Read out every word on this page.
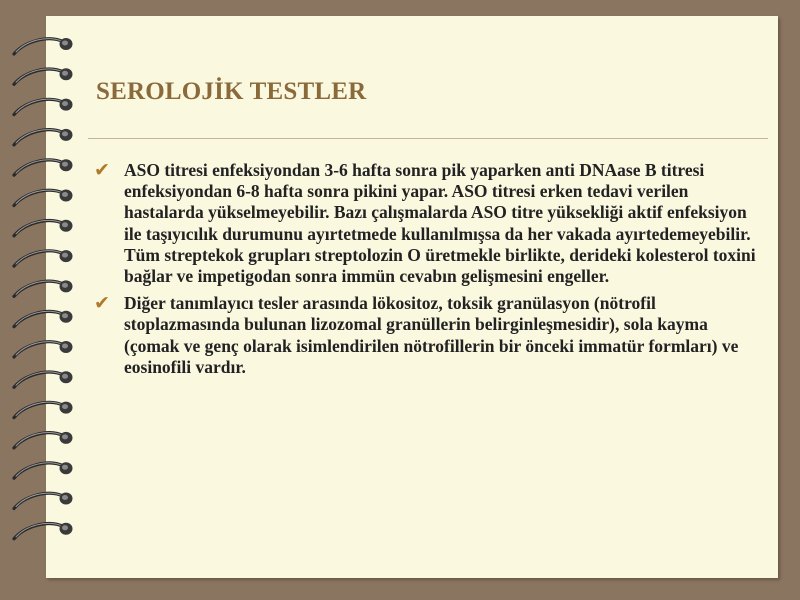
SEROLOJİK TESTLER
✔ ASO titresi enfeksiyondan 3-6 hafta sonra pik yaparken anti DNAase B titresi enfeksiyondan 6-8 hafta sonra pikini yapar. ASO titresi erken tedavi verilen hastalarda yükselmeyebilir. Bazı çalışmalarda ASO titre yüksekliği aktif enfeksiyon ile taşıyıcılık durumunu ayırtetmede kullanılmışsa da her vakada ayırtedemeyebilir. Tüm streptekok grupları streptolozin O üretmekle birlikte, derideki kolesterol toxini bağlar ve impetigodan sonra immün cevabın gelişmesini engeller.

✔ Diğer tanımlayıcı tesler arasında lökositoz, toksik granülasyon (nötrofil stoplazmasında bulunan lizozomal granüllerin belirginleşmesidir), sola kayma (çomak ve genç olarak isimlendirilen nötrofillerin bir önceki immatür formları) ve eosinofili vardır.
